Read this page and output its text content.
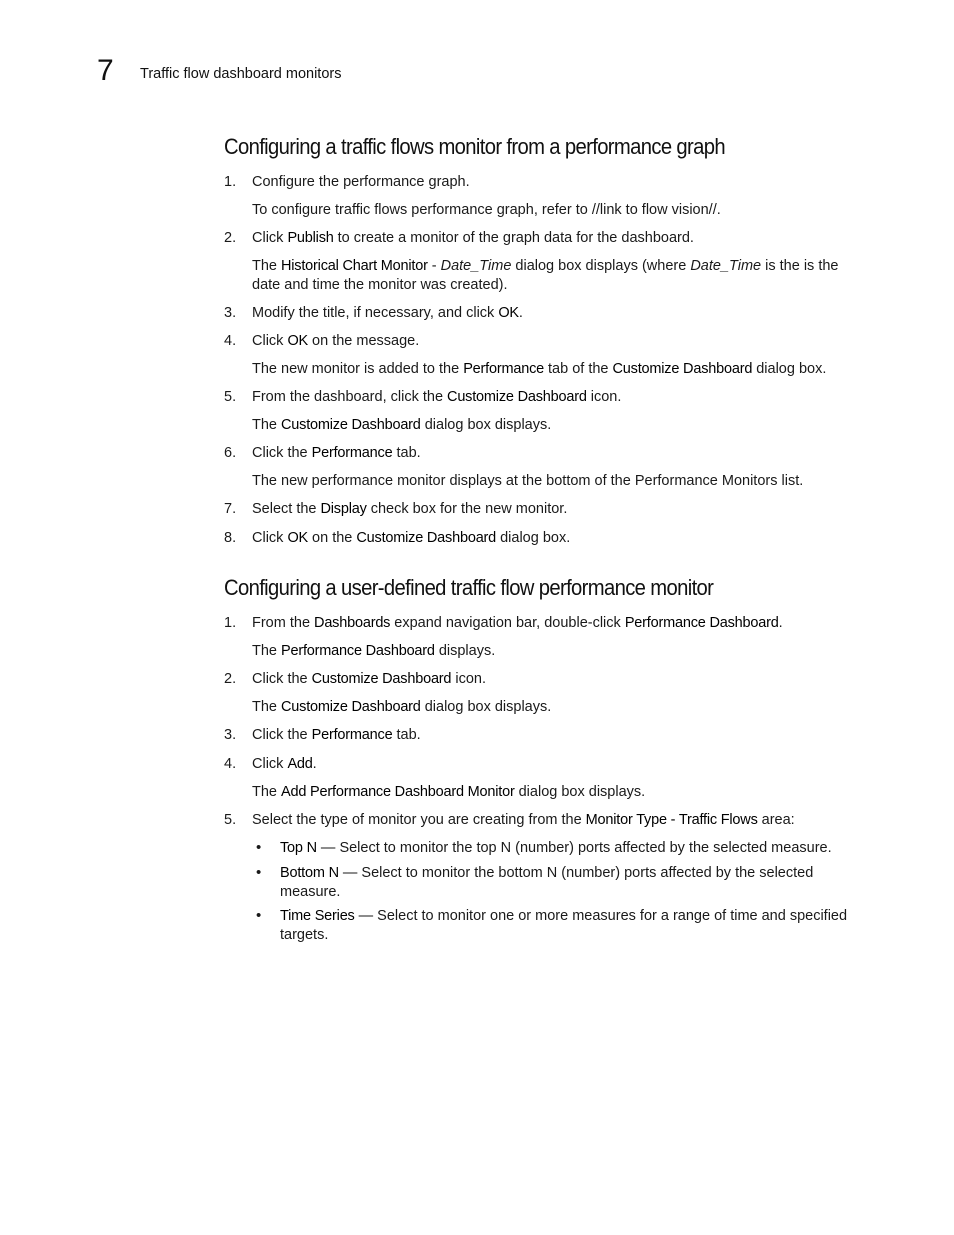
7 Traffic flow dashboard monitors
Configuring a traffic flows monitor from a performance graph
1. Configure the performance graph.
To configure traffic flows performance graph, refer to //link to flow vision//.
2. Click Publish to create a monitor of the graph data for the dashboard.
The Historical Chart Monitor - Date_Time dialog box displays (where Date_Time is the is the
date and time the monitor was created).
3. Modify the title, if necessary, and click OK.
4. Click OK on the message.
The new monitor is added to the Performance tab of the Customize Dashboard dialog box.
5. From the dashboard, click the Customize Dashboard icon.
The Customize Dashboard dialog box displays.
6. Click the Performance tab.
The new performance monitor displays at the bottom of the Performance Monitors list.
7. Select the Display check box for the new monitor.
8. Click OK on the Customize Dashboard dialog box.
Configuring a user-defined traffic flow performance monitor
1. From the Dashboards expand navigation bar, double-click Performance Dashboard.
The Performance Dashboard displays.
2. Click the Customize Dashboard icon.
The Customize Dashboard dialog box displays.
3. Click the Performance tab.
4. Click Add.
The Add Performance Dashboard Monitor dialog box displays.
5. Select the type of monitor you are creating from the Monitor Type - Traffic Flows area:
• Top N — Select to monitor the top N (number) ports affected by the selected measure.
• Bottom N — Select to monitor the bottom N (number) ports affected by the selected
measure.
• Time Series — Select to monitor one or more measures for a range of time and specified
targets.
